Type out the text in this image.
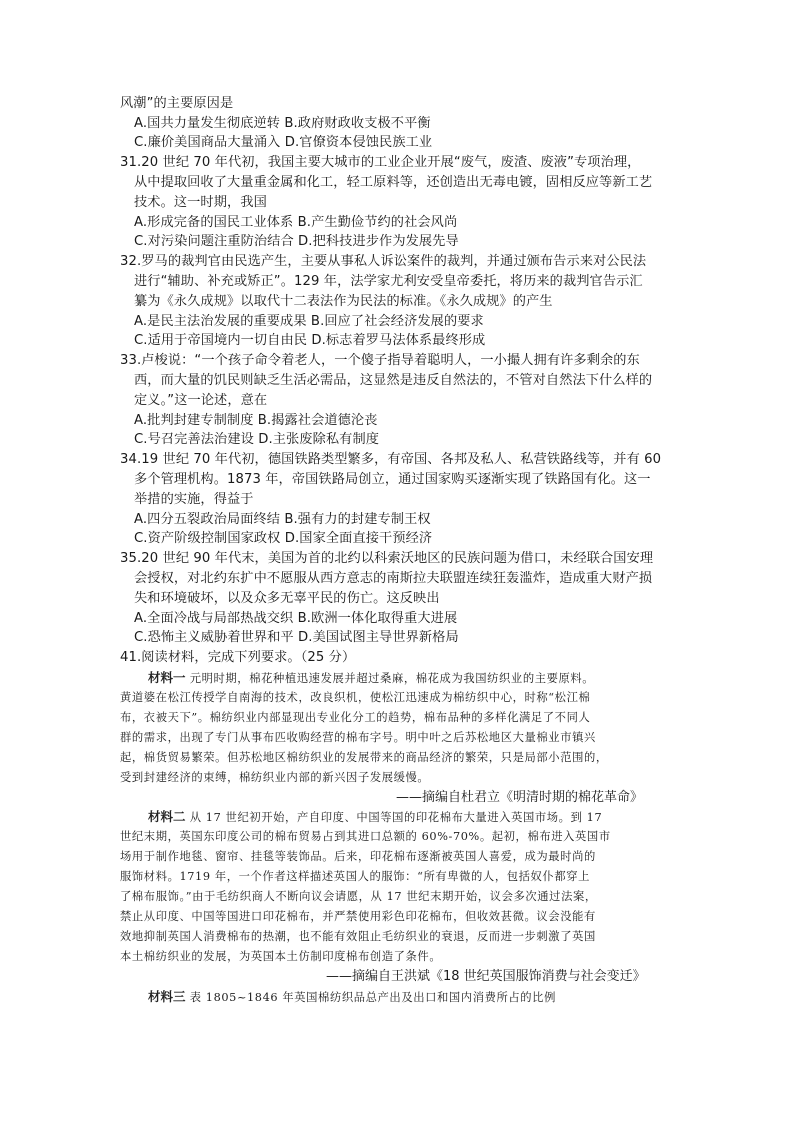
风潮”的主要原因是
A.国共力量发生彻底逆转 B.政府财政收支极不平衡
C.廉价美国商品大量涌入 D.官僚资本侵蚀民族工业
31.20 世纪 70 年代初，我国主要大城市的工业企业开展“废气，废渣、废液”专项治理，
从中提取回收了大量重金属和化工，轻工原料等，还创造出无毒电镀，固相反应等新工艺
技术。这一时期，我国
A.形成完备的国民工业体系 B.产生勤俭节约的社会风尚
C.对污染问题注重防治结合 D.把科技进步作为发展先导
32.罗马的裁判官由民选产生，主要从事私人诉讼案件的裁判，并通过颁布告示来对公民法
进行“辅助、补充或矫正”。129 年，法学家尤利安受皇帝委托，将历来的裁判官告示汇
纂为《永久成规》以取代十二表法作为民法的标准。《永久成规》的产生
A.是民主法治发展的重要成果 B.回应了社会经济发展的要求
C.适用于帝国境内一切自由民 D.标志着罗马法体系最终形成
33.卢梭说：“一个孩子命令着老人，一个傻子指导着聪明人，一小撮人拥有许多剩余的东
西，而大量的饥民则缺乏生活必需品，这显然是违反自然法的，不管对自然法下什么样的
定义。”这一论述，意在
A.批判封建专制制度 B.揭露社会道德沦丧
C.号召完善法治建设 D.主张废除私有制度
34.19 世纪 70 年代初，德国铁路类型繁多，有帝国、各邦及私人、私营铁路线等，并有 60
多个管理机构。1873 年，帝国铁路局创立，通过国家购买逐渐实现了铁路国有化。这一
举措的实施，得益于
A.四分五裂政治局面终结 B.强有力的封建专制王权
C.资产阶级控制国家政权 D.国家全面直接干预经济
35.20 世纪 90 年代末，美国为首的北约以科索沃地区的民族问题为借口，未经联合国安理
会授权，对北约东扩中不愿服从西方意志的南斯拉夫联盟连续狂轰滥炸，造成重大财产损
失和环境破坏，以及众多无辜平民的伤亡。这反映出
A.全面冷战与局部热战交织 B.欧洲一体化取得重大进展
C.恐怖主义威胁着世界和平 D.美国试图主导世界新格局
41.阅读材料，完成下列要求。（25 分）
材料一 元明时期，棉花种植迅速发展并超过桑麻，棉花成为我国纺织业的主要原料。
黄道婆在松江传授学自南海的技术，改良织机，使松江迅速成为棉纺织中心，时称“松江棉
布，衣被天下”。棉纺织业内部显现出专业化分工的趋势，棉布品种的多样化满足了不同人
群的需求，出现了专门从事布匹收购经营的棉布字号。明中叶之后苏松地区大量棉业市镇兴
起，棉货贸易繁荣。但苏松地区棉纺织业的发展带来的商品经济的繁荣，只是局部小范围的，
受到封建经济的束缚，棉纺织业内部的新兴因子发展缓慢。
——摘编自杜君立《明清时期的棉花革命》
材料二 从 17 世纪初开始，产自印度、中国等国的印花棉布大量进入英国市场。到 17
世纪末期，英国东印度公司的棉布贸易占到其进口总额的 60%-70%。起初，棉布进入英国市
场用于制作地毯、窗帘、挂毯等装饰品。后来，印花棉布逐渐被英国人喜爱，成为最时尚的
服饰材料。1719 年，一个作者这样描述英国人的服饰：“所有卑微的人，包括奴仆都穿上
了棉布服饰。”由于毛纺织商人不断向议会请愿，从 17 世纪末期开始，议会多次通过法案，
禁止从印度、中国等国进口印花棉布，并严禁使用彩色印花棉布，但收效甚微。议会没能有
效地抑制英国人消费棉布的热潮，也不能有效阻止毛纺织业的衰退，反而进一步刺激了英国
本土棉纺织业的发展，为英国本土仿制印度棉布创造了条件。
——摘编自王洪斌《18 世纪英国服饰消费与社会变迁》
材料三 表 1805~1846 年英国棉纺织品总产出及出口和国内消费所占的比例
